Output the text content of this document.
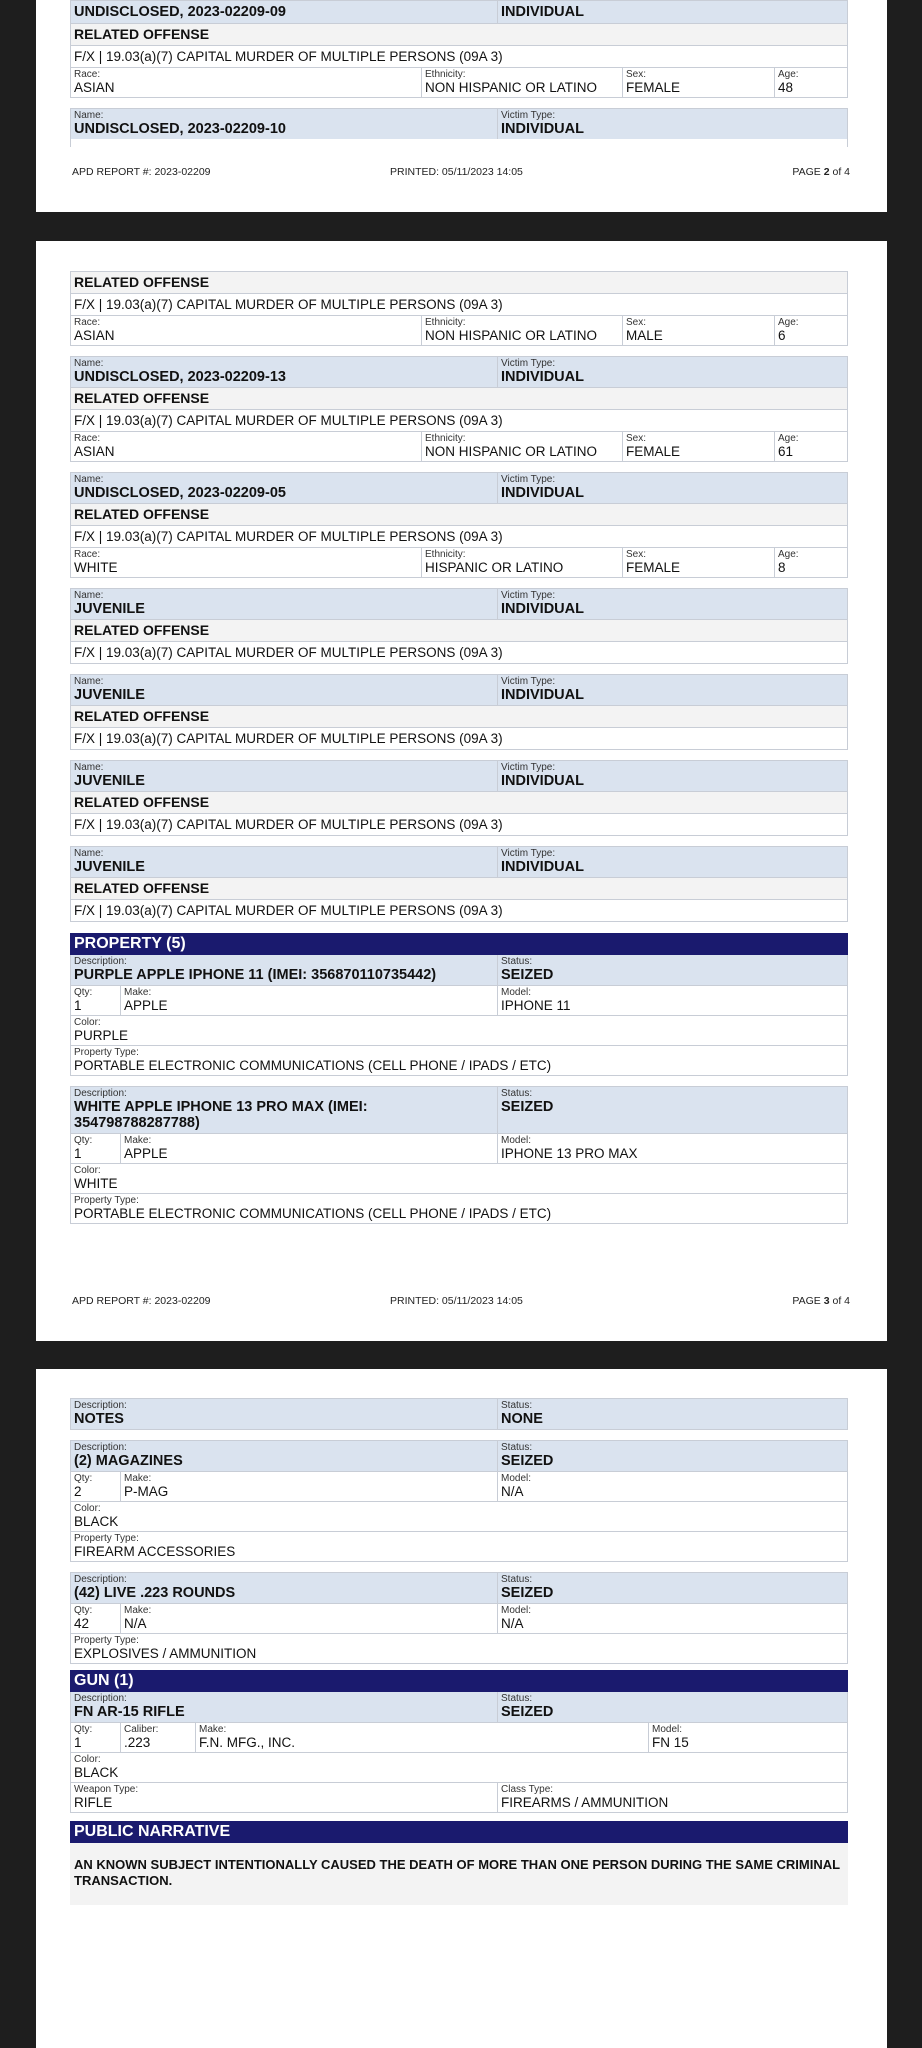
UNDISCLOSED, 2023-02209-09	INDIVIDUAL
RELATED OFFENSE
F/X | 19.03(a)(7) CAPITAL MURDER OF MULTIPLE PERSONS (09A 3)
Race:
ASIAN
Ethnicity:
NON HISPANIC OR LATINO
Sex:
FEMALE
Age:
48
Name:
UNDISCLOSED, 2023-02209-10
Victim Type:
INDIVIDUAL
APD REPORT #: 2023-02209	PRINTED: 05/11/2023 14:05	PAGE 2 of 4
RELATED OFFENSE
F/X | 19.03(a)(7) CAPITAL MURDER OF MULTIPLE PERSONS (09A 3)
Race:
ASIAN
Ethnicity:
NON HISPANIC OR LATINO
Sex:
MALE
Age:
6
Name:
UNDISCLOSED, 2023-02209-13
Victim Type:
INDIVIDUAL
RELATED OFFENSE
F/X | 19.03(a)(7) CAPITAL MURDER OF MULTIPLE PERSONS (09A 3)
Race:
ASIAN
Ethnicity:
NON HISPANIC OR LATINO
Sex:
FEMALE
Age:
61
Name:
UNDISCLOSED, 2023-02209-05
Victim Type:
INDIVIDUAL
RELATED OFFENSE
F/X | 19.03(a)(7) CAPITAL MURDER OF MULTIPLE PERSONS (09A 3)
Race:
WHITE
Ethnicity:
HISPANIC OR LATINO
Sex:
FEMALE
Age:
8
Name:
JUVENILE
Victim Type:
INDIVIDUAL
RELATED OFFENSE
F/X | 19.03(a)(7) CAPITAL MURDER OF MULTIPLE PERSONS (09A 3)
Name:
JUVENILE
Victim Type:
INDIVIDUAL
RELATED OFFENSE
F/X | 19.03(a)(7) CAPITAL MURDER OF MULTIPLE PERSONS (09A 3)
Name:
JUVENILE
Victim Type:
INDIVIDUAL
RELATED OFFENSE
F/X | 19.03(a)(7) CAPITAL MURDER OF MULTIPLE PERSONS (09A 3)
Name:
JUVENILE
Victim Type:
INDIVIDUAL
RELATED OFFENSE
F/X | 19.03(a)(7) CAPITAL MURDER OF MULTIPLE PERSONS (09A 3)
PROPERTY (5)
Description:
PURPLE APPLE IPHONE 11 (IMEI: 356870110735442)
Status:
SEIZED
Qty:
1
Make:
APPLE
Model:
IPHONE 11
Color:
PURPLE
Property Type:
PORTABLE ELECTRONIC COMMUNICATIONS (CELL PHONE / IPADS / ETC)
Description:
WHITE APPLE IPHONE 13 PRO MAX (IMEI: 354798788287788)
Status:
SEIZED
Qty:
1
Make:
APPLE
Model:
IPHONE 13 PRO MAX
Color:
WHITE
Property Type:
PORTABLE ELECTRONIC COMMUNICATIONS (CELL PHONE / IPADS / ETC)
APD REPORT #: 2023-02209	PRINTED: 05/11/2023 14:05	PAGE 3 of 4
Description:
NOTES
Status:
NONE
Description:
(2) MAGAZINES
Status:
SEIZED
Qty:
2
Make:
P-MAG
Model:
N/A
Color:
BLACK
Property Type:
FIREARM ACCESSORIES
Description:
(42) LIVE .223 ROUNDS
Status:
SEIZED
Qty:
42
Make:
N/A
Model:
N/A
Property Type:
EXPLOSIVES / AMMUNITION
GUN (1)
Description:
FN AR-15 RIFLE
Status:
SEIZED
Qty:
1
Caliber:
.223
Make:
F.N. MFG., INC.
Model:
FN 15
Color:
BLACK
Weapon Type:
RIFLE
Class Type:
FIREARMS / AMMUNITION
PUBLIC NARRATIVE
AN KNOWN SUBJECT INTENTIONALLY CAUSED THE DEATH OF MORE THAN ONE PERSON DURING THE SAME CRIMINAL TRANSACTION.
